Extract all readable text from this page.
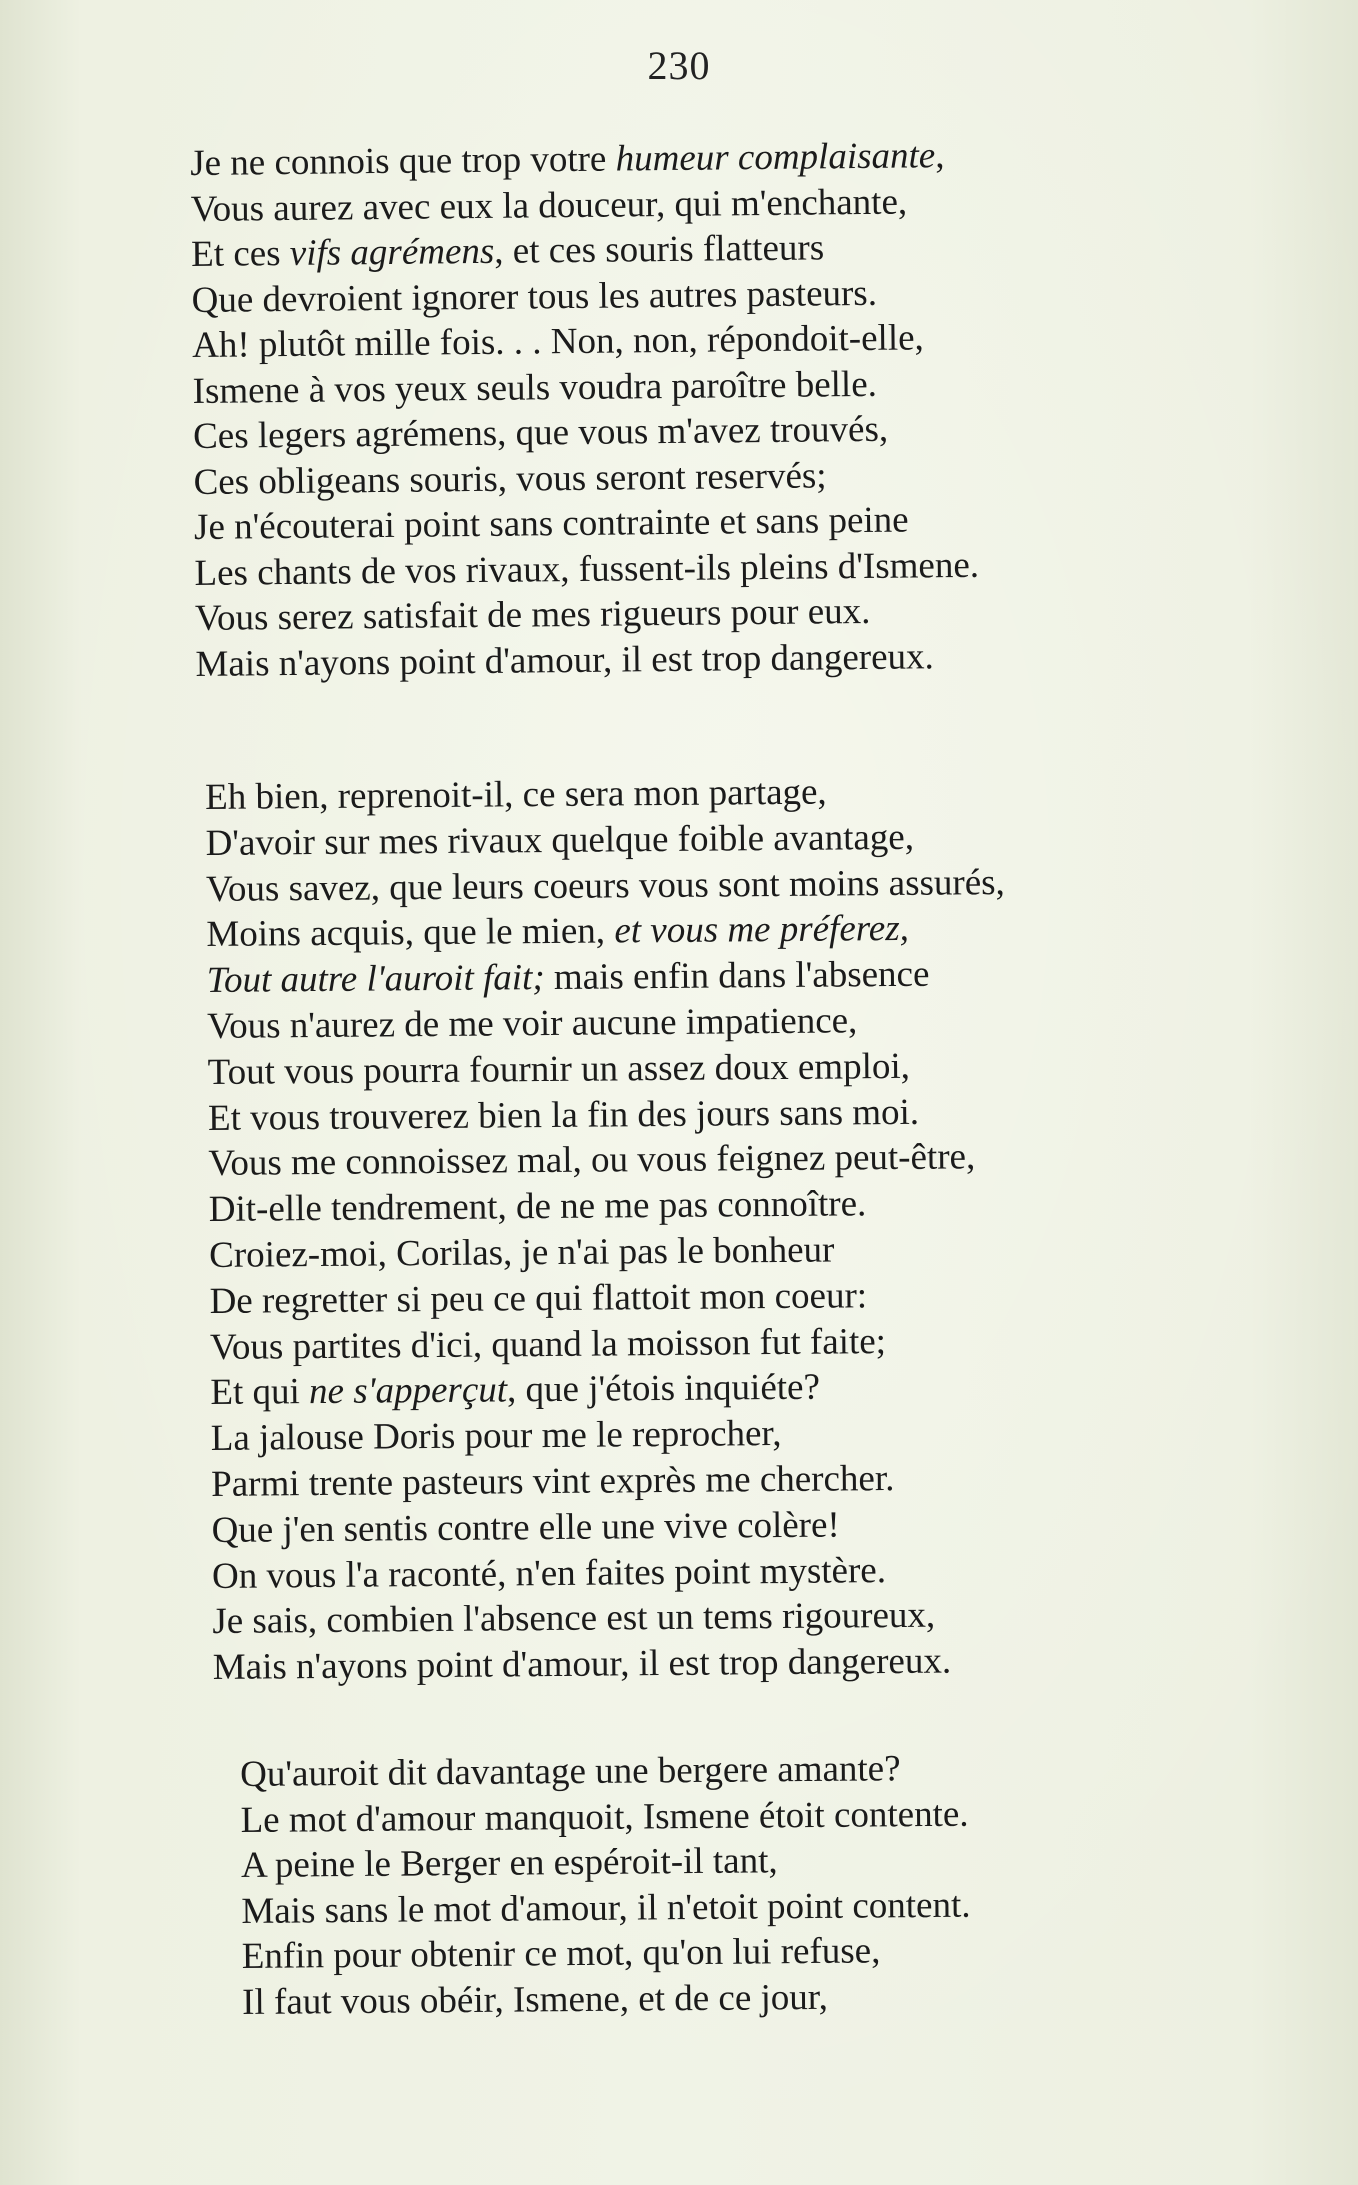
230
Je ne connois que trop votre humeur complaisante,
Vous aurez avec eux la douceur, qui m'enchante,
Et ces vifs agrémens, et ces souris flatteurs
Que devroient ignorer tous les autres pasteurs.
Ah! plutôt mille fois. . . Non, non, répondoit-elle,
Ismene à vos yeux seuls voudra paroître belle.
Ces legers agrémens, que vous m'avez trouvés,
Ces obligeans souris, vous seront reservés;
Je n'écouterai point sans contrainte et sans peine
Les chants de vos rivaux, fussent-ils pleins d'Ismene.
Vous serez satisfait de mes rigueurs pour eux.
Mais n'ayons point d'amour, il est trop dangereux.
Eh bien, reprenoit-il, ce sera mon partage,
D'avoir sur mes rivaux quelque foible avantage,
Vous savez, que leurs coeurs vous sont moins assurés,
Moins acquis, que le mien, et vous me préferez,
Tout autre l'auroit fait; mais enfin dans l'absence
Vous n'aurez de me voir aucune impatience,
Tout vous pourra fournir un assez doux emploi,
Et vous trouverez bien la fin des jours sans moi.
Vous me connoissez mal, ou vous feignez peut-être,
Dit-elle tendrement, de ne me pas connoître.
Croiez-moi, Corilas, je n'ai pas le bonheur
De regretter si peu ce qui flattoit mon coeur:
Vous partites d'ici, quand la moisson fut faite;
Et qui ne s'apperçut, que j'étois inquiéte?
La jalouse Doris pour me le reprocher,
Parmi trente pasteurs vint exprès me chercher.
Que j'en sentis contre elle une vive colère!
On vous l'a raconté, n'en faites point mystère.
Je sais, combien l'absence est un tems rigoureux,
Mais n'ayons point d'amour, il est trop dangereux.
Qu'auroit dit davantage une bergere amante?
Le mot d'amour manquoit, Ismene étoit contente.
A peine le Berger en espéroit-il tant,
Mais sans le mot d'amour, il n'etoit point content.
Enfin pour obtenir ce mot, qu'on lui refuse,
Il faut vous obéir, Ismene, et de ce jour,
